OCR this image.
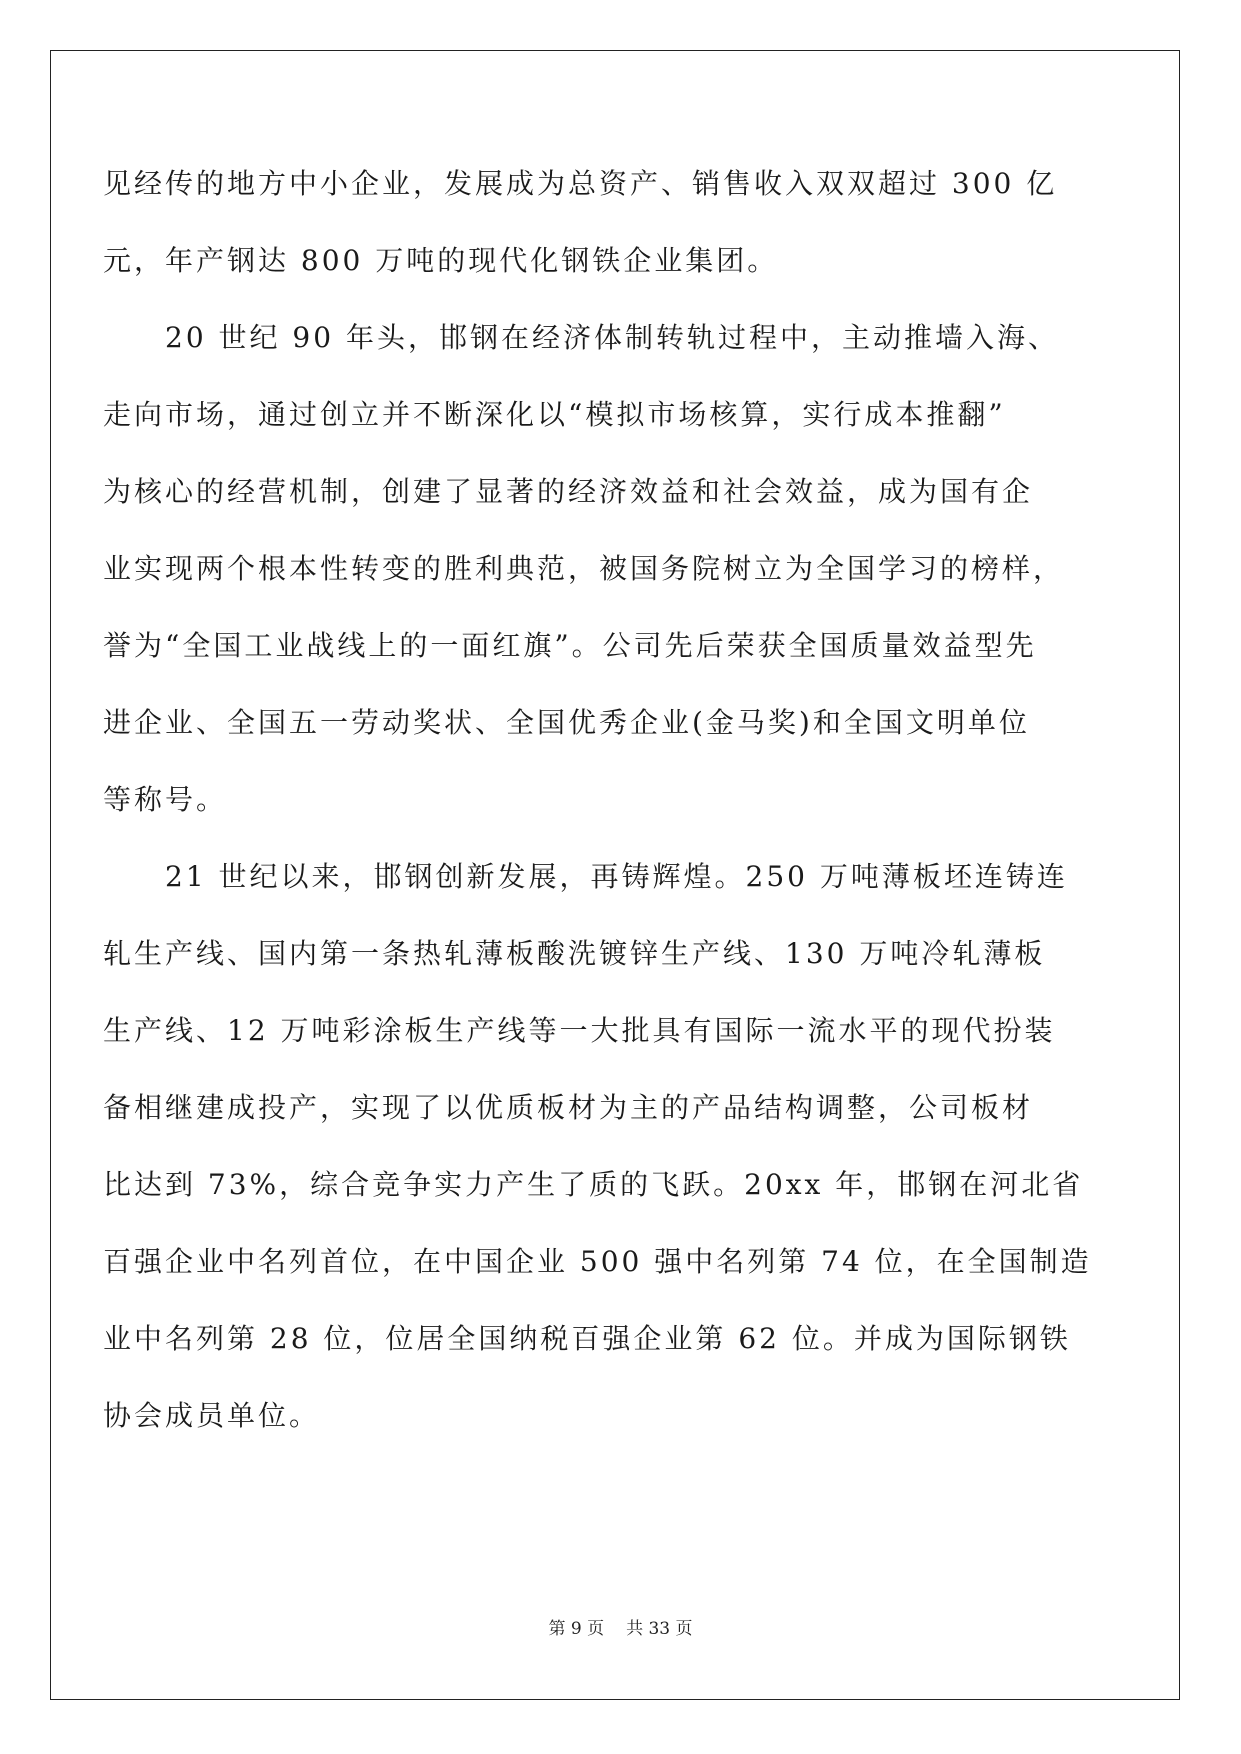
见经传的地方中小企业，发展成为总资产、销售收入双双超过 300 亿
元，年产钢达 800 万吨的现代化钢铁企业集团。

20 世纪 90 年头，邯钢在经济体制转轨过程中，主动推墙入海、
走向市场，通过创立并不断深化以“模拟市场核算，实行成本推翻”
为核心的经营机制，创建了显著的经济效益和社会效益，成为国有企
业实现两个根本性转变的胜利典范，被国务院树立为全国学习的榜样，
誉为“全国工业战线上的一面红旗”。公司先后荣获全国质量效益型先
进企业、全国五一劳动奖状、全国优秀企业(金马奖)和全国文明单位
等称号。

21 世纪以来，邯钢创新发展，再铸辉煌。250 万吨薄板坯连铸连
轧生产线、国内第一条热轧薄板酸洗镀锌生产线、130 万吨冷轧薄板
生产线、12 万吨彩涂板生产线等一大批具有国际一流水平的现代扮装
备相继建成投产，实现了以优质板材为主的产品结构调整，公司板材
比达到 73%，综合竞争实力产生了质的飞跃。20xx 年，邯钢在河北省
百强企业中名列首位，在中国企业 500 强中名列第 74 位，在全国制造
业中名列第 28 位，位居全国纳税百强企业第 62 位。并成为国际钢铁
协会成员单位。

第 9 页 共 33 页
